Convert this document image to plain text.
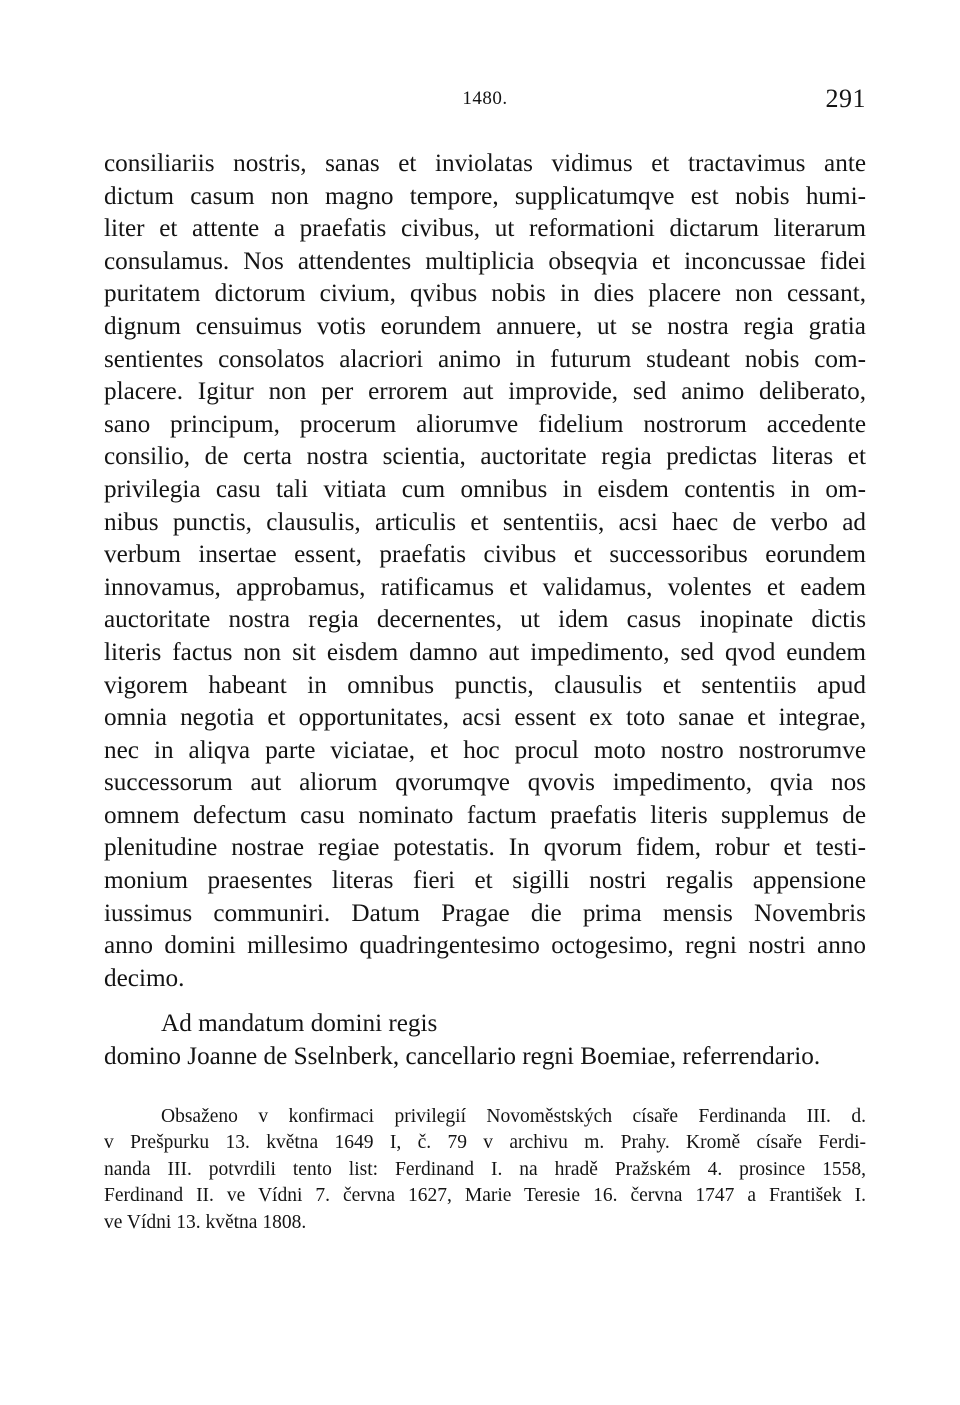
1480.	291
consiliariis nostris, sanas et inviolatas vidimus et tractavimus ante
dictum casum non magno tempore, supplicatumqve est nobis humi-
liter et attente a praefatis civibus, ut reformationi dictarum literarum
consulamus. Nos attendentes multiplicia obseqvia et inconcussae fidei
puritatem dictorum civium, qvibus nobis in dies placere non cessant,
dignum censuimus votis eorundem annuere, ut se nostra regia gratia
sentientes consolatos alacriori animo in futurum studeant nobis com-
placere. Igitur non per errorem aut improvide, sed animo deliberato,
sano principum, procerum aliorumve fidelium nostrorum accedente
consilio, de certa nostra scientia, auctoritate regia predictas literas et
privilegia casu tali vitiata cum omnibus in eisdem contentis in om-
nibus punctis, clausulis, articulis et sententiis, acsi haec de verbo ad
verbum insertae essent, praefatis civibus et successoribus eorundem
innovamus, approbamus, ratificamus et validamus, volentes et eadem
auctoritate nostra regia decernentes, ut idem casus inopinate dictis
literis factus non sit eisdem damno aut impedimento, sed qvod eundem
vigorem habeant in omnibus punctis, clausulis et sententiis apud
omnia negotia et opportunitates, acsi essent ex toto sanae et integrae,
nec in aliqva parte viciatae, et hoc procul moto nostro nostrorumve
successorum aut aliorum qvorumqve qvovis impedimento, qvia nos
omnem defectum casu nominato factum praefatis literis supplemus de
plenitudine nostrae regiae potestatis. In qvorum fidem, robur et testi-
monium praesentes literas fieri et sigilli nostri regalis appensione
iussimus communiri. Datum Pragae die prima mensis Novembris
anno domini millesimo quadringentesimo octogesimo, regni nostri anno
decimo.
Ad mandatum domini regis
domino Joanne de Sselnberk, cancellario regni Boemiae, referrendario.
Obsaženo v konfirmaci privilegií Novoměstských císaře Ferdinanda III. d.
v Prešpurku 13. května 1649 I, č. 79 v archivu m. Prahy. Kromě císaře Ferdi-
nanda III. potvrdili tento list: Ferdinand I. na hradě Pražském 4. prosince 1558,
Ferdinand II. ve Vídni 7. června 1627, Marie Teresie 16. června 1747 a František I.
ve Vídni 13. května 1808.
